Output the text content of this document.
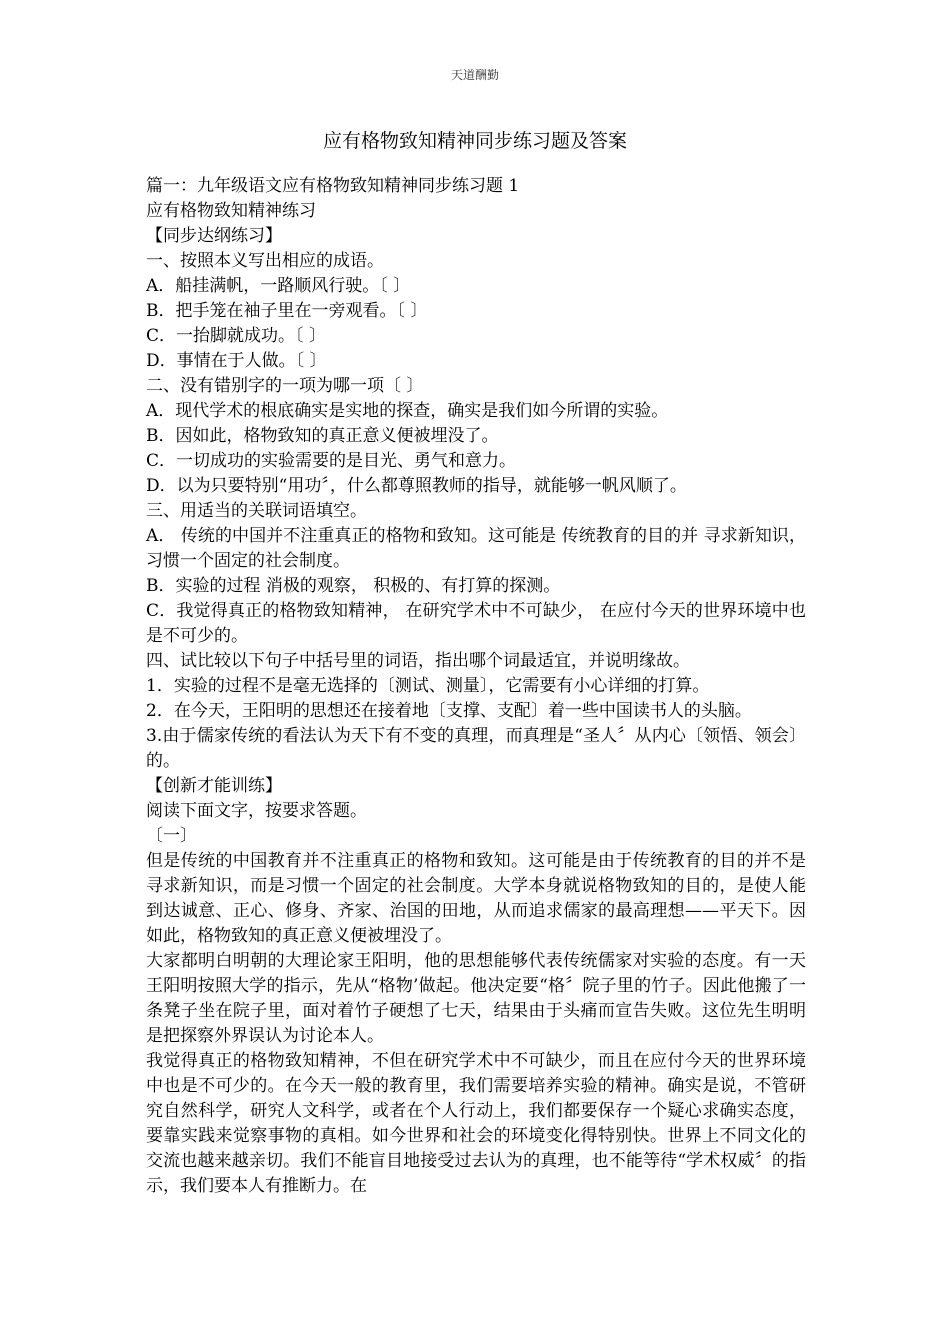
天道酬勤
应有格物致知精神同步练习题及答案
篇一：九年级语文应有格物致知精神同步练习题 1
应有格物致知精神练习
【同步达纲练习】
一、按照本义写出相应的成语。
A．船挂满帆，一路顺风行驶。〔 〕
B．把手笼在袖子里在一旁观看。〔 〕
C．一抬脚就成功。〔 〕
D．事情在于人做。〔 〕
二、没有错别字的一项为哪一项〔 〕
A．现代学术的根底确实是实地的探查，确实是我们如今所谓的实验。
B．因如此，格物致知的真正意义便被埋没了。
C．一切成功的实验需要的是目光、勇气和意力。
D．以为只要特别“用功〞，什么都尊照教师的指导，就能够一帆风顺了。
三、用适当的关联词语填空。
A． 传统的中国并不注重真正的格物和致知。这可能是 传统教育的目的并 寻求新知识， 习惯一个固定的社会制度。
B．实验的过程 消极的观察， 积极的、有打算的探测。
C．我觉得真正的格物致知精神， 在研究学术中不可缺少， 在应付今天的世界环境中也是不可少的。
四、试比较以下句子中括号里的词语，指出哪个词最适宜，并说明缘故。
1．实验的过程不是毫无选择的〔测试、测量〕，它需要有小心详细的打算。
2．在今天，王阳明的思想还在接着地〔支撑、支配〕着一些中国读书人的头脑。
3.由于儒家传统的看法认为天下有不变的真理，而真理是“圣人〞从内心〔领悟、领会〕的。
【创新才能训练】
阅读下面文字，按要求答题。
〔一〕
但是传统的中国教育并不注重真正的格物和致知。这可能是由于传统教育的目的并不是寻求新知识，而是习惯一个固定的社会制度。大学本身就说格物致知的目的，是使人能到达诚意、正心、修身、齐家、治国的田地，从而追求儒家的最高理想——平天下。因如此，格物致知的真正意义便被埋没了。
大家都明白明朝的大理论家王阳明，他的思想能够代表传统儒家对实验的态度。有一天王阳明按照大学的指示，先从“格物’做起。他决定要“格〞院子里的竹子。因此他搬了一条凳子坐在院子里，面对着竹子硬想了七天，结果由于头痛而宣告失败。这位先生明明是把探察外界误认为讨论本人。
我觉得真正的格物致知精神，不但在研究学术中不可缺少，而且在应付今天的世界环境中也是不可少的。在今天一般的教育里，我们需要培养实验的精神。确实是说，不管研究自然科学，研究人文科学，或者在个人行动上，我们都要保存一个疑心求确实态度，要靠实践来觉察事物的真相。如今世界和社会的环境变化得特别快。世界上不同文化的交流也越来越亲切。我们不能盲目地接受过去认为的真理，也不能等待“学术权威〞的指示，我们要本人有推断力。在
